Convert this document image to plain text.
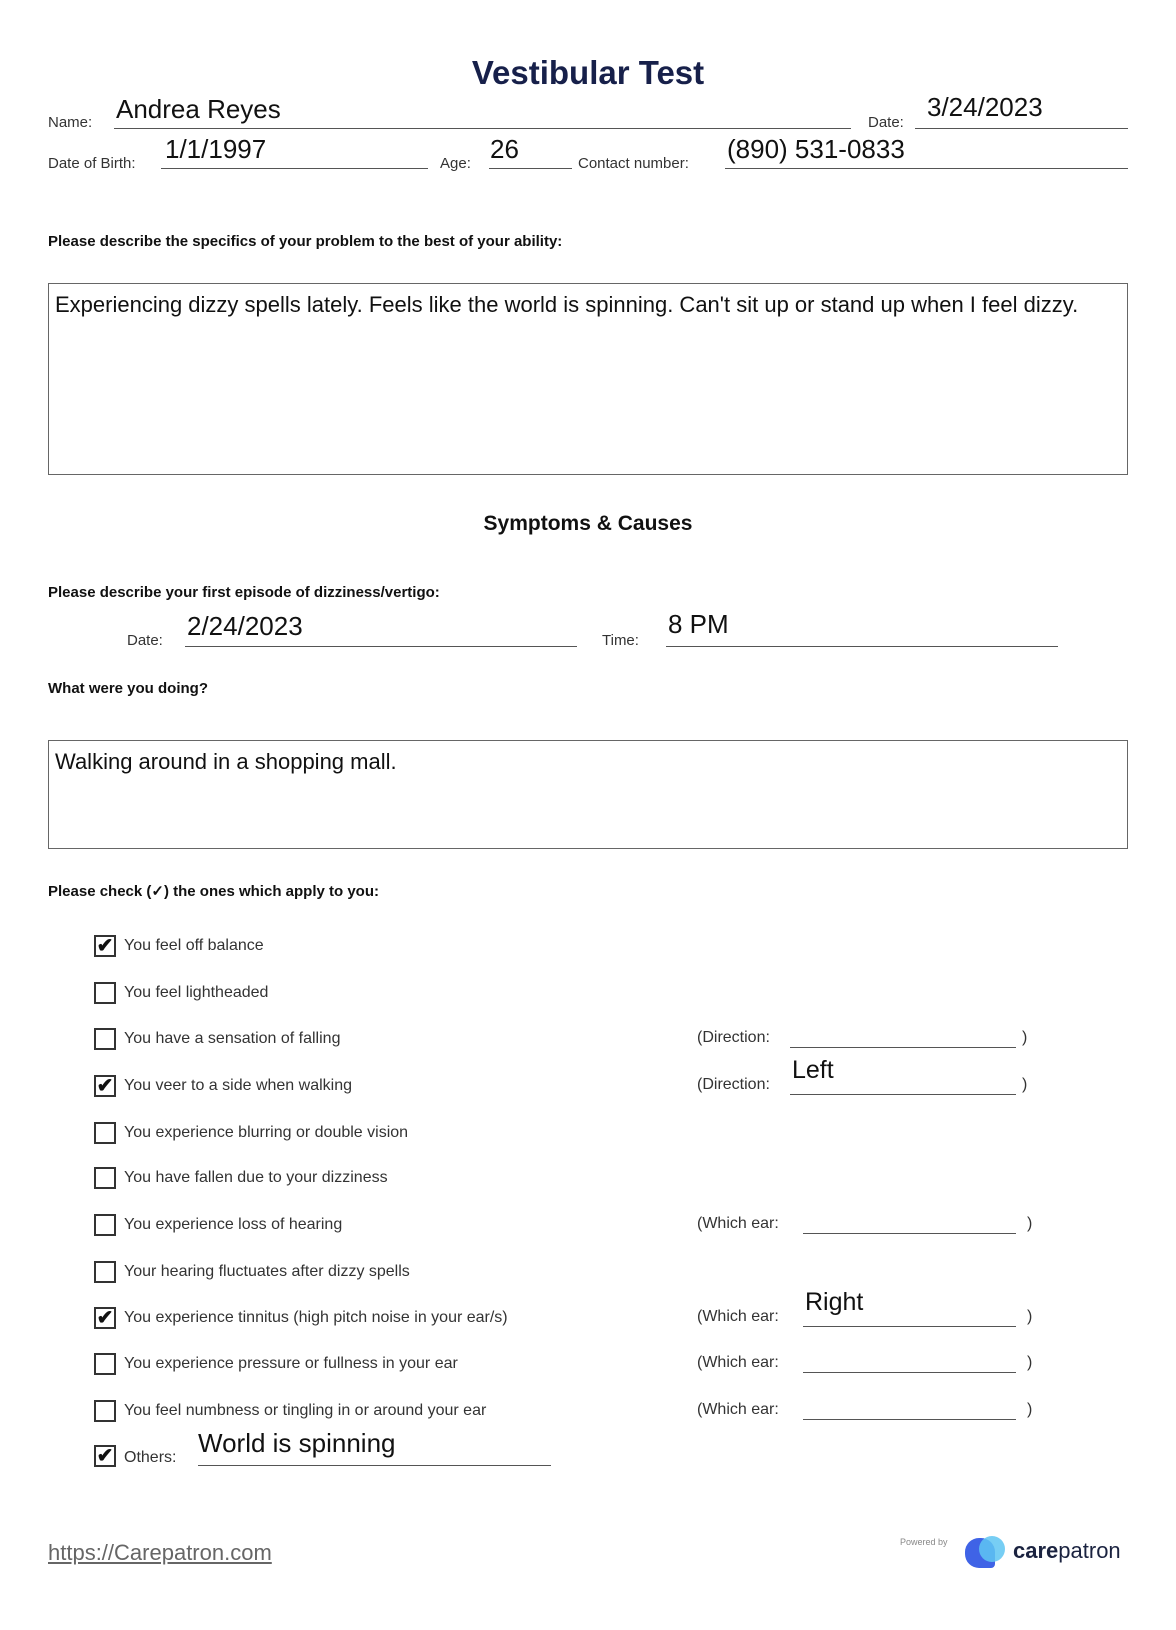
Vestibular Test
Name: Andrea Reyes	Date:
3/24/2023
Date of Birth: 1/1/1997	Age: 26	Contact number: (890) 531-0833
Please describe the specifics of your problem to the best of your ability:
Experiencing dizzy spells lately. Feels like the world is spinning. Can't sit up or stand up when I feel dizzy.
Symptoms & Causes
Please describe your first episode of dizziness/vertigo:
Date: 2/24/2023	Time:
8 PM
What were you doing?
Walking around in a shopping mall.
Please check (✓) the ones which apply to you:
✔ You feel off balance
You feel lightheaded
You have a sensation of falling	(Direction:	)
✔ You veer to a side when walking	(Direction:
Left
)
You experience blurring or double vision
You have fallen due to your dizziness
You experience loss of hearing	(Which ear:	)
Your hearing fluctuates after dizzy spells
✔ You experience tinnitus (high pitch noise in your ear/s)	(Which ear:
Right
)
You experience pressure or fullness in your ear	(Which ear:	)
You feel numbness or tingling in or around your ear	(Which ear:	)
✔ Others: World is spinning
https://Carepatron.com	Powered by	carepatron
